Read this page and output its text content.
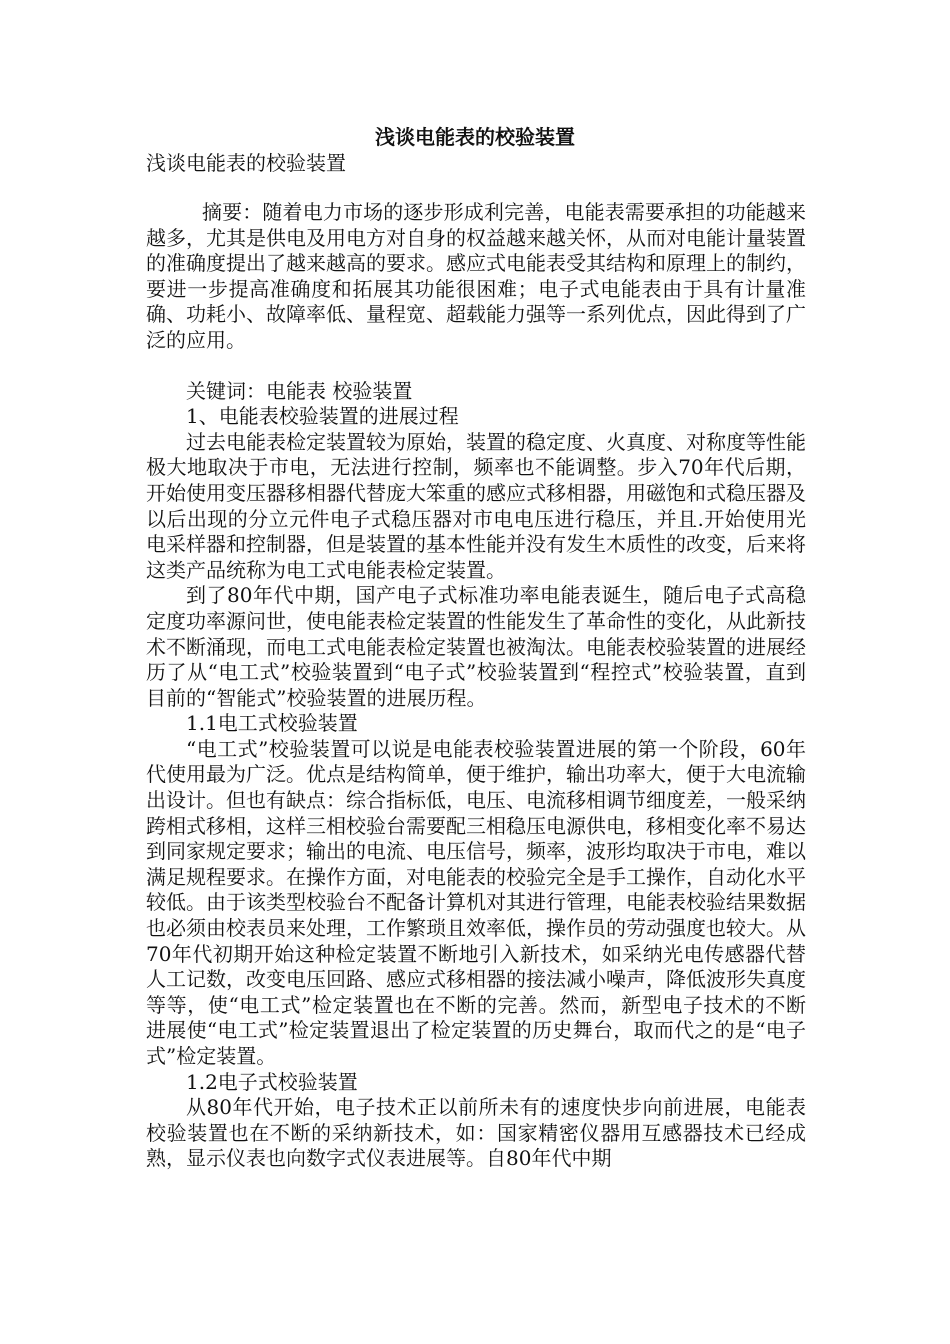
浅谈电能表的校验装置
浅谈电能表的校验装置

摘要：随着电力市场的逐步形成利完善，电能表需要承担的功能越来越多，尤其是供电及用电方对自身的权益越来越关怀，从而对电能计量装置的准确度提出了越来越高的要求。感应式电能表受其结构和原理上的制约，要进一步提高准确度和拓展其功能很困难；电子式电能表由于具有计量准确、功耗小、故障率低、量程宽、超载能力强等一系列优点，因此得到了广泛的应用。

关键词：电能表 校验装置

1、电能表校验装置的进展过程

过去电能表检定装置较为原始，装置的稳定度、火真度、对称度等性能极大地取决于市电，无法进行控制，频率也不能调整。步入70年代后期，开始使用变压器移相器代替庞大笨重的感应式移相器，用磁饱和式稳压器及以后出现的分立元件电子式稳压器对市电电压进行稳压，并且.开始使用光电采样器和控制器，但是装置的基本性能并没有发生木质性的改变，后来将这类产品统称为电工式电能表检定装置。

到了80年代中期，国产电子式标准功率电能表诞生，随后电子式高稳定度功率源问世，使电能表检定装置的性能发生了革命性的变化，从此新技术不断涌现，而电工式电能表检定装置也被淘汰。电能表校验装置的进展经历了从“电工式”校验装置到“电子式”校验装置到“程控式”校验装置，直到目前的“智能式”校验装置的进展历程。

1.1电工式校验装置

“电工式”校验装置可以说是电能表校验装置进展的第一个阶段，60年代使用最为广泛。优点是结构简单，便于维护，输出功率大，便于大电流输出设计。但也有缺点：综合指标低，电压、电流移相调节细度差，一般采纳跨相式移相，这样三相校验台需要配三相稳压电源供电，移相变化率不易达到同家规定要求；输出的电流、电压信号，频率，波形均取决于市电，难以满足规程要求。在操作方面，对电能表的校验完全是手工操作，自动化水平较低。由于该类型校验台不配备计算机对其进行管理，电能表校验结果数据也必须由校表员来处理，工作繁琐且效率低，操作员的劳动强度也较大。从70年代初期开始这种检定装置不断地引入新技术，如采纳光电传感器代替人工记数，改变电压回路、感应式移相器的接法减小噪声，降低波形失真度等等，使“电工式”检定装置也在不断的完善。然而，新型电子技术的不断进展使“电工式”检定装置退出了检定装置的历史舞台，取而代之的是“电子式”检定装置。

1.2电子式校验装置

从80年代开始，电子技术正以前所未有的速度快步向前进展，电能表校验装置也在不断的采纳新技术，如：国家精密仪器用互感器技术已经成熟，显示仪表也向数字式仪表进展等。自80年代中期
